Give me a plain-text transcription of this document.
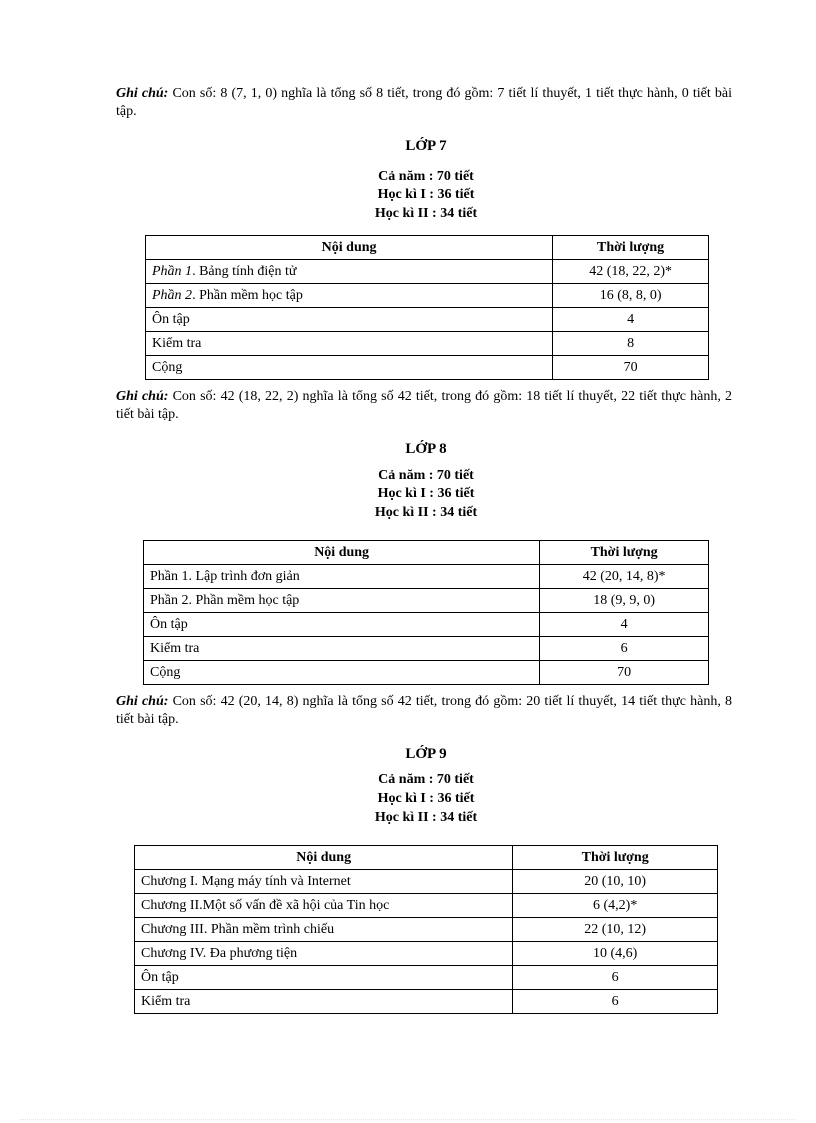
Ghi chú: Con số: 8 (7, 1, 0) nghĩa là tổng số 8 tiết, trong đó gồm: 7 tiết lí thuyết, 1 tiết thực hành, 0 tiết bài tập.

LỚP 7

Cả năm : 70 tiết

Học kì I : 36 tiết

Học kì II : 34 tiết

Nội dung	Thời lượng
Phần 1. Bảng tính điện tử	42 (18, 22, 2)*
Phần 2. Phần mềm học tập	16 (8, 8, 0)
Ôn tập	4
Kiểm tra	8
Cộng	70

Ghi chú: Con số: 42 (18, 22, 2) nghĩa là tổng số 42 tiết, trong đó gồm: 18 tiết lí thuyết, 22 tiết thực hành, 2 tiết bài tập.

LỚP 8

Cả năm : 70 tiết

Học kì I : 36 tiết

Học kì II : 34 tiết

Nội dung	Thời lượng
Phần 1. Lập trình đơn giản	42 (20, 14, 8)*
Phần 2. Phần mềm học tập	18 (9, 9, 0)
Ôn tập	4
Kiểm tra	6
Cộng	70

Ghi chú: Con số: 42 (20, 14, 8) nghĩa là tổng số 42 tiết, trong đó gồm: 20 tiết lí thuyết, 14 tiết thực hành, 8 tiết bài tập.

LỚP 9

Cả năm : 70 tiết

Học kì I : 36 tiết

Học kì II : 34 tiết

Nội dung	Thời lượng
Chương I. Mạng máy tính và Internet	20 (10, 10)
Chương II.Một số vấn đề xã hội của Tin học	6 (4,2)*
Chương III. Phần mềm trình chiếu	22 (10, 12)
Chương IV. Đa phương tiện	10 (4,6)
Ôn tập	6
Kiểm tra	6
